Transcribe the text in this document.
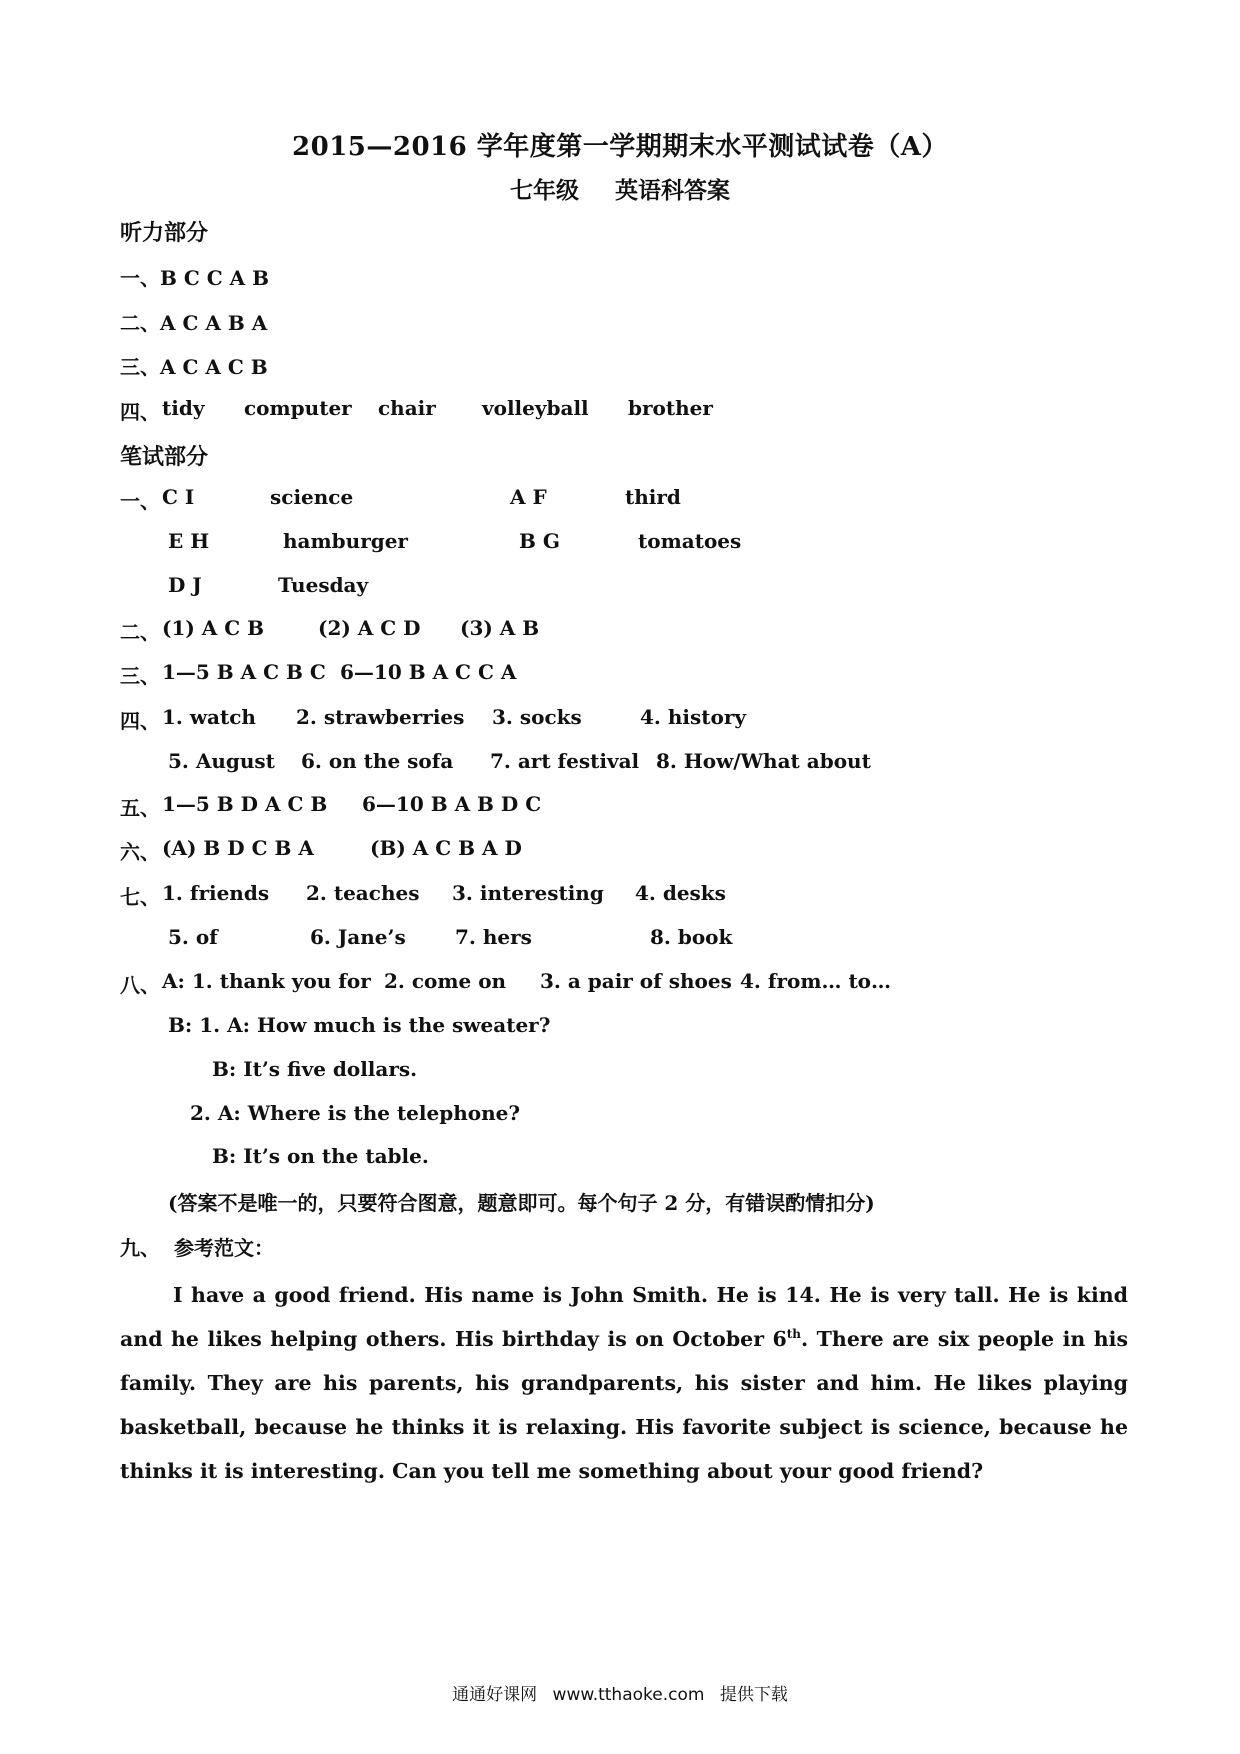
2015—2016 学年度第一学期期末水平测试试卷（A）
七年级 英语科答案
听力部分
一、B C C A B
二、A C A B A
三、A C A C B
四、 tidy computer chair volleyball brother
笔试部分
一、 C I	science	A F	third
E H	hamburger	B G	tomatoes
D J	Tuesday
二、 (1) A C B	(2) A C D (3) A B
三、 1—5 B A C B C 6—10 B A C C A
四、 1. watch 2. strawberries 3. socks	4. history
5. August 6. on the sofa 7. art festival 8. How/What about
五、 1—5 B D A C B 6—10 B A B D C
六、 (A) B D C B A	(B) A C B A D
七、 1. friends 2. teaches 3. interesting 4. desks
5. of	6. Jane’s 7. hers	8. book
八、 A: 1. thank you for 2. come on 3. a pair of shoes 4. from… to…
B: 1. A: How much is the sweater?
B: It’s five dollars.
2. A: Where is the telephone?
B: It’s on the table.
(答案不是唯一的，只要符合图意，题意即可。每个句子 2 分，有错误酌情扣分)
九、 参考范文：
I have a good friend. His name is John Smith. He is 14. He is very tall. He is kind and he likes helping others. His birthday is on October 6th. There are six people in his family. They are his parents, his grandparents, his sister and him. He likes playing basketball, because he thinks it is relaxing. His favorite subject is science, because he thinks it is interesting. Can you tell me something about your good friend?
通通好课网 www.tthaoke.com 提供下载
